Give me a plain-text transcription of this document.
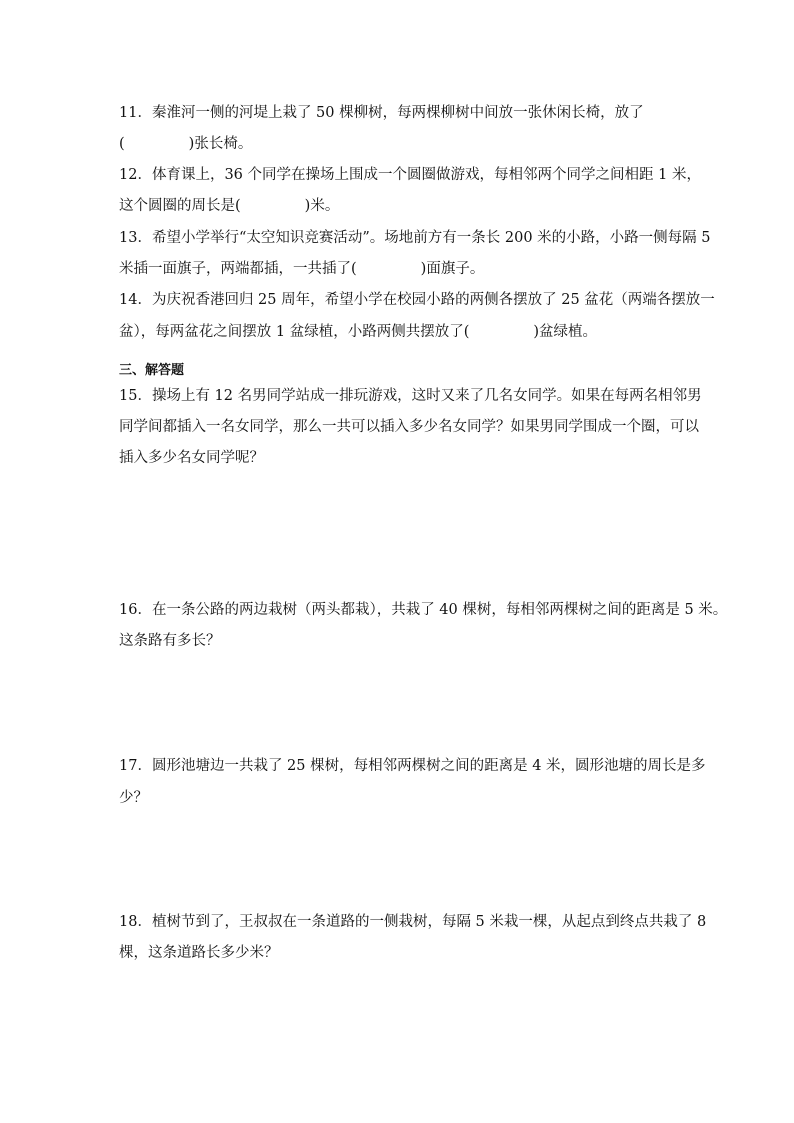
11．秦淮河一侧的河堤上栽了 50 棵柳树，每两棵柳树中间放一张休闲长椅，放了
(	)张长椅。
12．体育课上，36 个同学在操场上围成一个圆圈做游戏，每相邻两个同学之间相距 1 米，
这个圆圈的周长是(	)米。
13．希望小学举行“太空知识竞赛活动”。场地前方有一条长 200 米的小路，小路一侧每隔 5
米插一面旗子，两端都插，一共插了(	)面旗子。
14．为庆祝香港回归 25 周年，希望小学在校园小路的两侧各摆放了 25 盆花（两端各摆放一
盆），每两盆花之间摆放 1 盆绿植，小路两侧共摆放了(	)盆绿植。
三、解答题
15．操场上有 12 名男同学站成一排玩游戏，这时又来了几名女同学。如果在每两名相邻男
同学间都插入一名女同学，那么一共可以插入多少名女同学？如果男同学围成一个圈，可以
插入多少名女同学呢？
16．在一条公路的两边栽树（两头都栽），共栽了 40 棵树，每相邻两棵树之间的距离是 5 米。
这条路有多长？
17．圆形池塘边一共栽了 25 棵树，每相邻两棵树之间的距离是 4 米，圆形池塘的周长是多
少？
18．植树节到了，王叔叔在一条道路的一侧栽树，每隔 5 米栽一棵，从起点到终点共栽了 8
棵，这条道路长多少米？
